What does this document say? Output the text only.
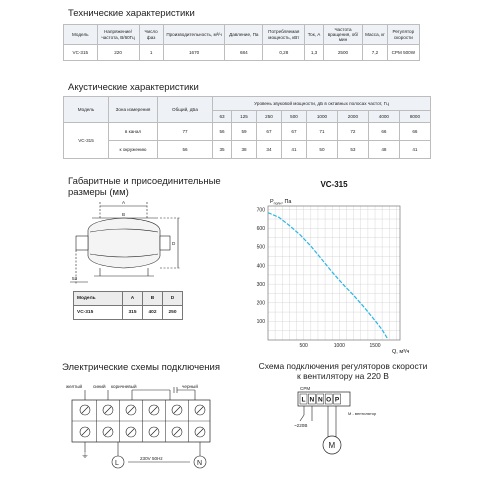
Технические характеристики
Модель	Напряжение/ частота, В/60Гц	Число фаз	Производительность, м³/ч	Давление, Па	Потребляемая мощность, кВт	Ток, А	Частота вращения, об/мин	Масса, кг	Регулятор скорости
VC-315	220	1	1670	684	0,28	1,3	2500	7,2	CPM 500W
Акустические характеристики
Модель	Зона измерения	Общий, дБа	Уровень звуковой мощности, дБ в октавных полосах частот, Гц							
			63	125	250	500	1000	2000	4000	8000
VC-315	в канал	77	56	59	67	67	71	72	66	66
	к окружению	56	35	38	34	41	50	53	48	41
Габаритные и присоединительные
размеры (мм)
A
B
D
53
Модель	A	B	D
VC-315	315	402	250
VC-315
$P_{полн}$, Па
100
200
300
400
500
600
700
500	1000	1500
Q, м³/ч
Электрические схемы подключения
желтый синий коричневый	черный
⏚
L	N
230V 50Hz
Схема подключения регуляторов скорости
к вентилятору на 220 В
CPM
L N N O P
~220В
M - вентилятор
M
